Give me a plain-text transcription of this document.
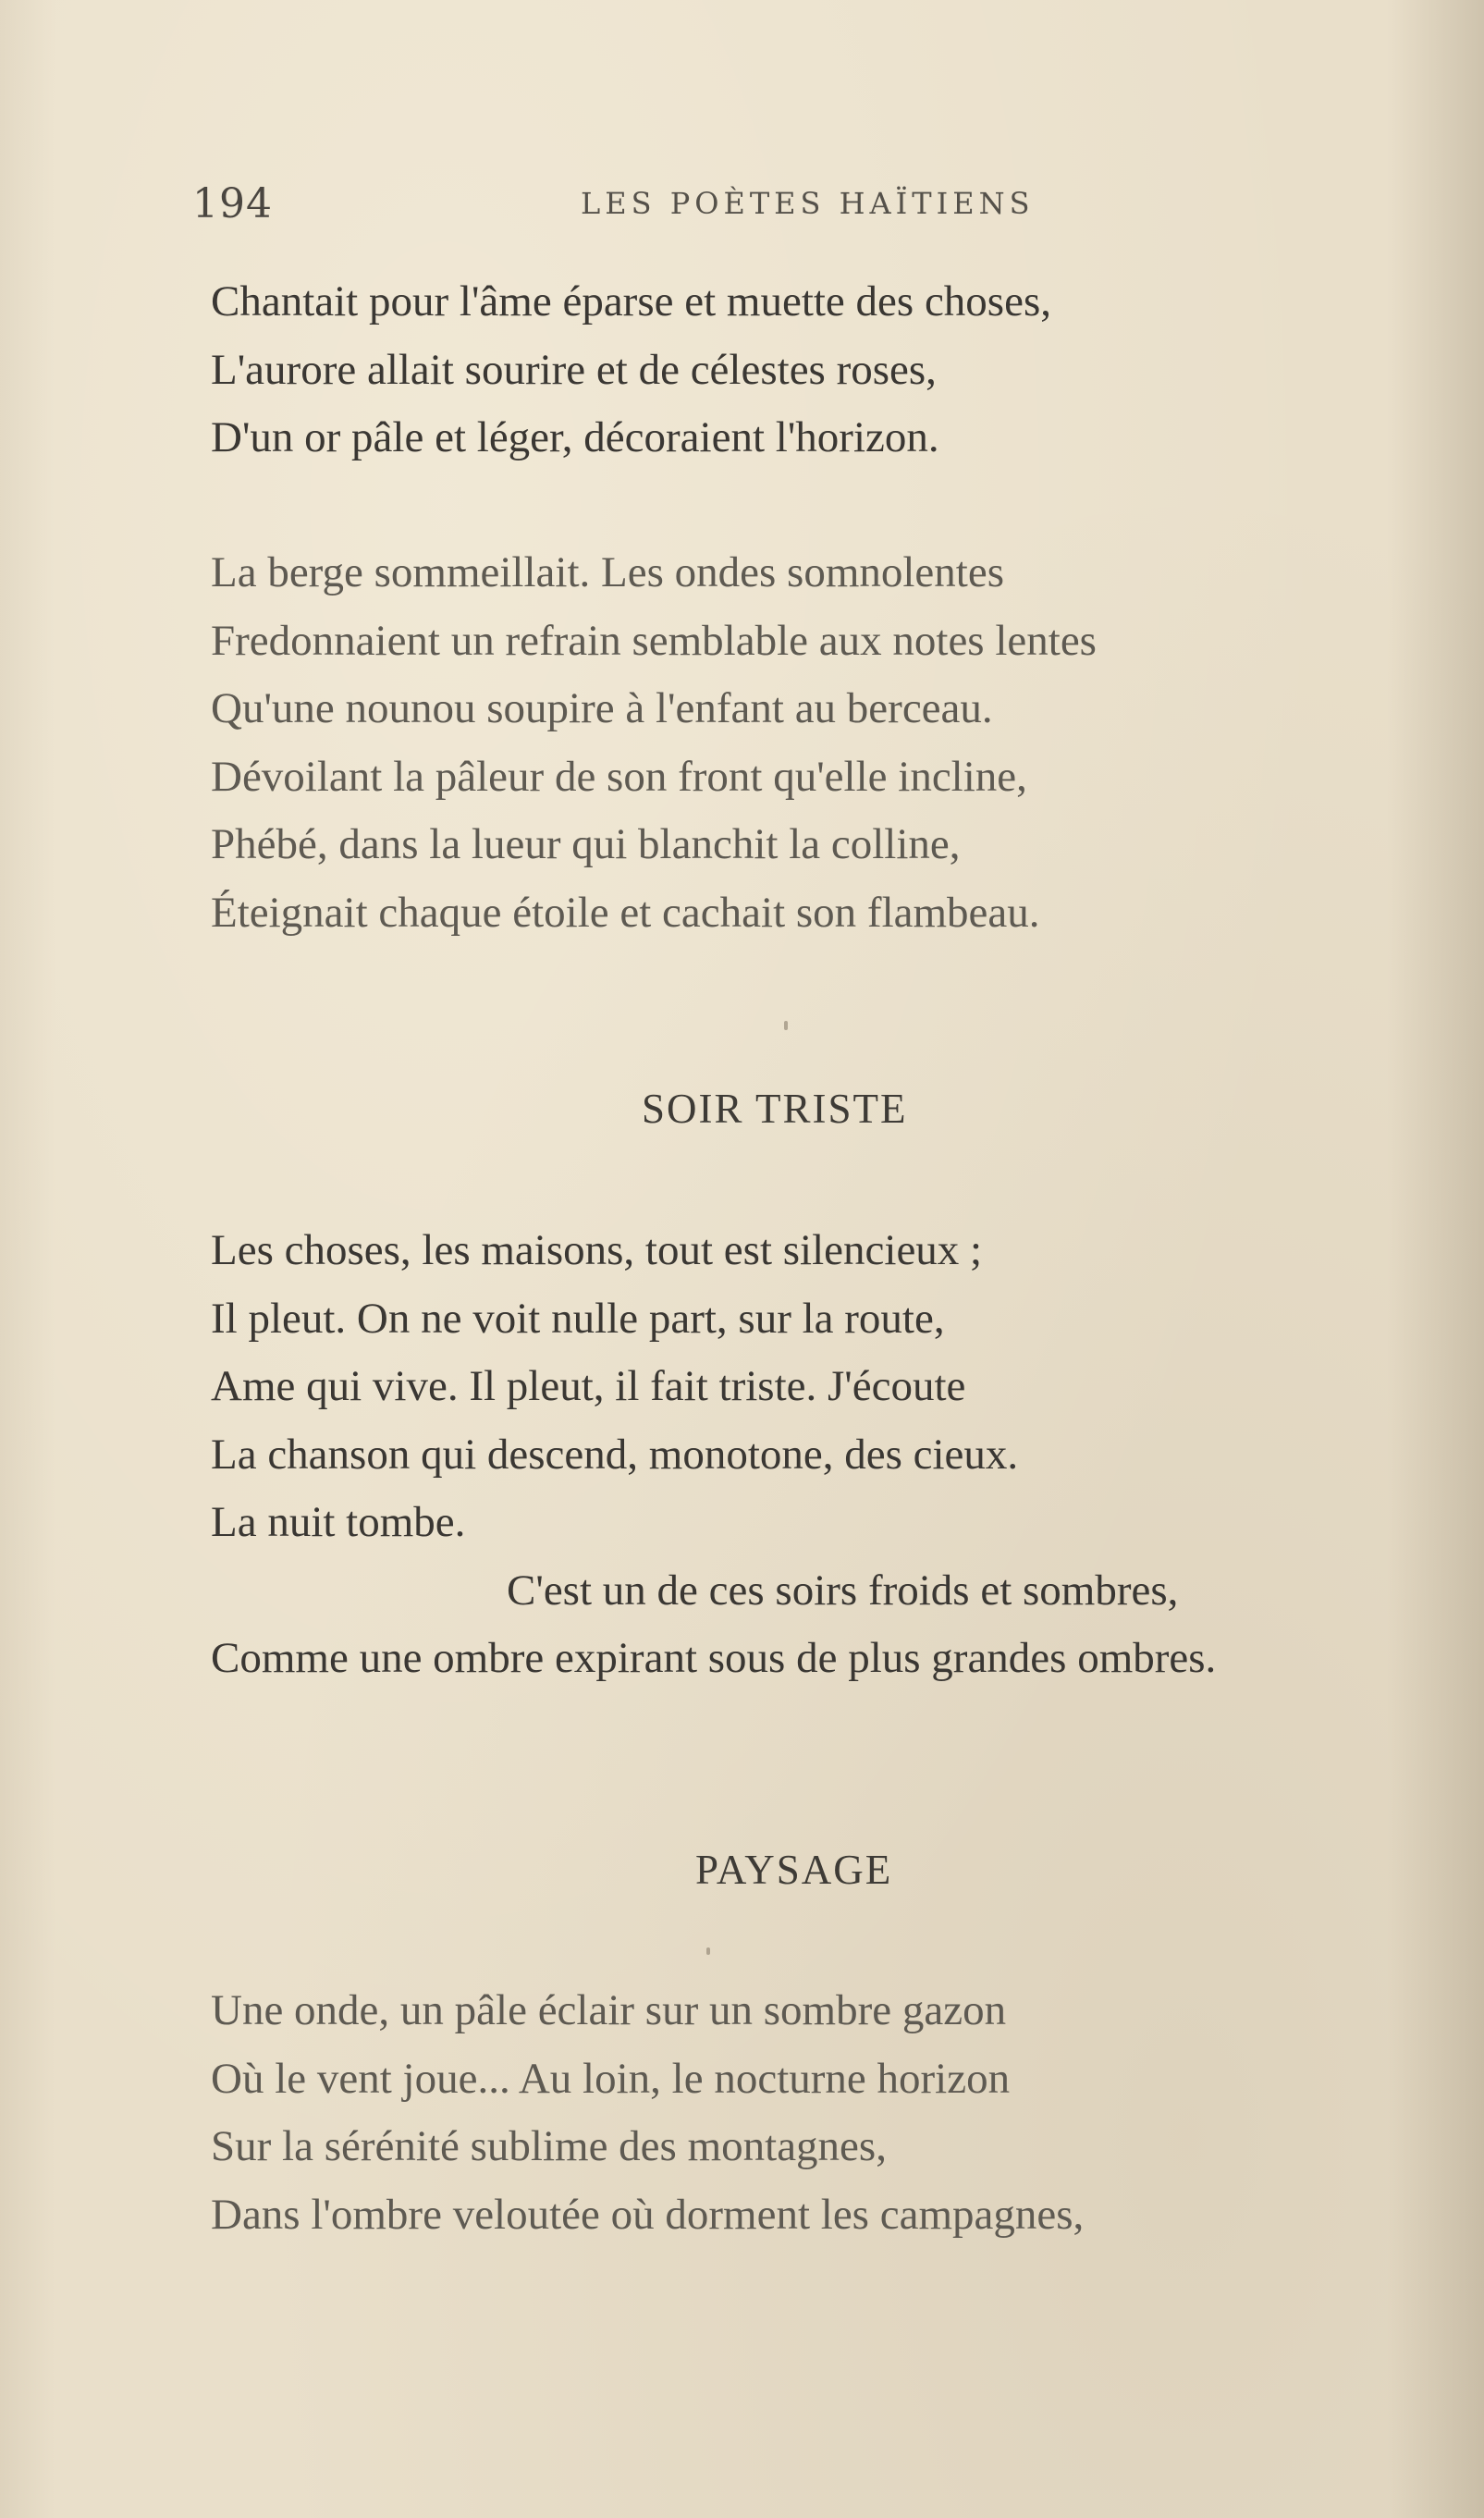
194	LES POÈTES HAÏTIENS
Chantait pour l'âme éparse et muette des choses,
L'aurore allait sourire et de célestes roses,
D'un or pâle et léger, décoraient l'horizon.
La berge sommeillait. Les ondes somnolentes
Fredonnaient un refrain semblable aux notes lentes
Qu'une nounou soupire à l'enfant au berceau.
Dévoilant la pâleur de son front qu'elle incline,
Phébé, dans la lueur qui blanchit la colline,
Éteignait chaque étoile et cachait son flambeau.
SOIR TRISTE
Les choses, les maisons, tout est silencieux ;
Il pleut. On ne voit nulle part, sur la route,
Ame qui vive. Il pleut, il fait triste. J'écoute
La chanson qui descend, monotone, des cieux.
La nuit tombe.
C'est un de ces soirs froids et sombres,
Comme une ombre expirant sous de plus grandes ombres.
PAYSAGE
Une onde, un pâle éclair sur un sombre gazon
Où le vent joue... Au loin, le nocturne horizon
Sur la sérénité sublime des montagnes,
Dans l'ombre veloutée où dorment les campagnes,
